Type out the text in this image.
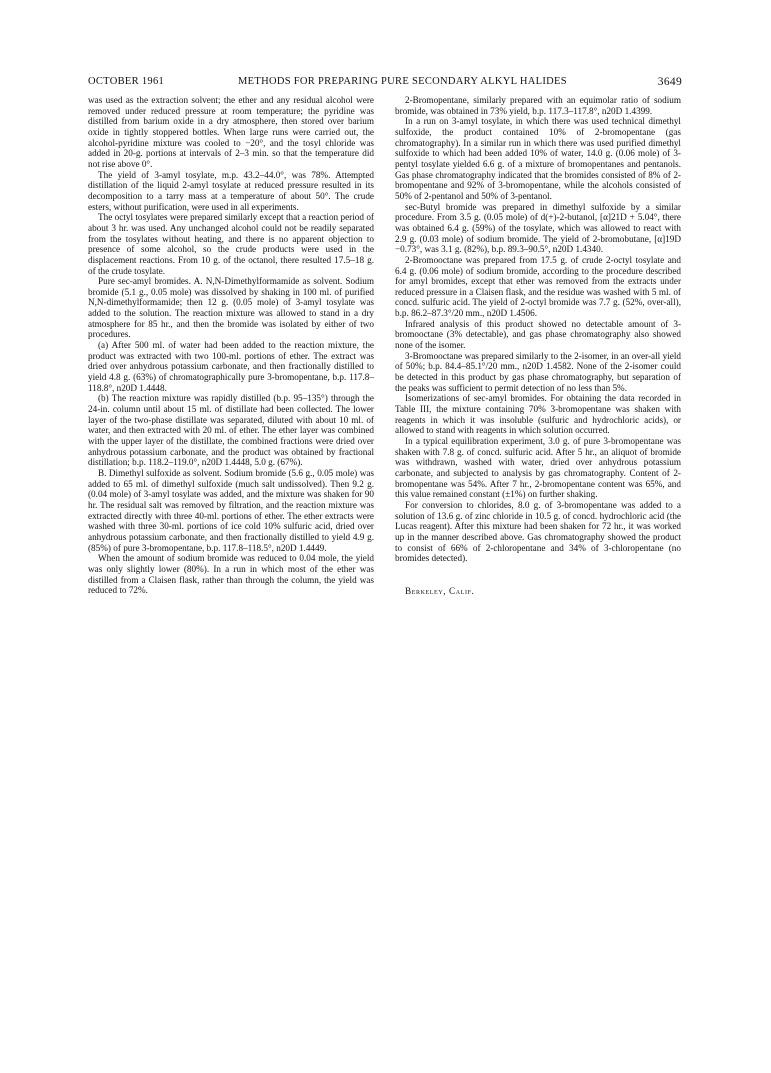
OCTOBER 1961	METHODS FOR PREPARING PURE SECONDARY ALKYL HALIDES	3649

was used as the extraction solvent; the ether and any residual alcohol were removed under reduced pressure at room temperature; the pyridine was distilled from barium oxide in a dry atmosphere, then stored over barium oxide in tightly stoppered bottles. When large runs were carried out, the alcohol-pyridine mixture was cooled to −20°, and the tosyl chloride was added in 20-g. portions at intervals of 2–3 min. so that the temperature did not rise above 0°.

The yield of 3-amyl tosylate, m.p. 43.2–44.0°, was 78%. Attempted distillation of the liquid 2-amyl tosylate at reduced pressure resulted in its decomposition to a tarry mass at a temperature of about 50°. The crude esters, without purification, were used in all experiments.

The octyl tosylates were prepared similarly except that a reaction period of about 3 hr. was used. Any unchanged alcohol could not be readily separated from the tosylates without heating, and there is no apparent objection to presence of some alcohol, so the crude products were used in the displacement reactions. From 10 g. of the octanol, there resulted 17.5–18 g. of the crude tosylate.

Pure sec-amyl bromides. A. N,N-Dimethylformamide as solvent. Sodium bromide (5.1 g., 0.05 mole) was dissolved by shaking in 100 ml. of purified N,N-dimethylformamide; then 12 g. (0.05 mole) of 3-amyl tosylate was added to the solution. The reaction mixture was allowed to stand in a dry atmosphere for 85 hr., and then the bromide was isolated by either of two procedures.

(a) After 500 ml. of water had been added to the reaction mixture, the product was extracted with two 100-ml. portions of ether. The extract was dried over anhydrous potassium carbonate, and then fractionally distilled to yield 4.8 g. (63%) of chromatographically pure 3-bromopentane, b.p. 117.8–118.8°, n20D 1.4448.

(b) The reaction mixture was rapidly distilled (b.p. 95–135°) through the 24-in. column until about 15 ml. of distillate had been collected. The lower layer of the two-phase distillate was separated, diluted with about 10 ml. of water, and then extracted with 20 ml. of ether. The ether layer was combined with the upper layer of the distillate, the combined fractions were dried over anhydrous potassium carbonate, and the product was obtained by fractional distillation; b.p. 118.2–119.0°, n20D 1.4448, 5.0 g. (67%).

B. Dimethyl sulfoxide as solvent. Sodium bromide (5.6 g., 0.05 mole) was added to 65 ml. of dimethyl sulfoxide (much salt undissolved). Then 9.2 g. (0.04 mole) of 3-amyl tosylate was added, and the mixture was shaken for 90 hr. The residual salt was removed by filtration, and the reaction mixture was extracted directly with three 40-ml. portions of ether. The ether extracts were washed with three 30-ml. portions of ice cold 10% sulfuric acid, dried over anhydrous potassium carbonate, and then fractionally distilled to yield 4.9 g. (85%) of pure 3-bromopentane, b.p. 117.8–118.5°, n20D 1.4449.

When the amount of sodium bromide was reduced to 0.04 mole, the yield was only slightly lower (80%). In a run in which most of the ether was distilled from a Claisen flask, rather than through the column, the yield was reduced to 72%.

2-Bromopentane, similarly prepared with an equimolar ratio of sodium bromide, was obtained in 73% yield, b.p. 117.3–117.8°, n20D 1.4399.

In a run on 3-amyl tosylate, in which there was used technical dimethyl sulfoxide, the product contained 10% of 2-bromopentane (gas chromatography). In a similar run in which there was used purified dimethyl sulfoxide to which had been added 10% of water, 14.0 g. (0.06 mole) of 3-pentyl tosylate yielded 6.6 g. of a mixture of bromopentanes and pentanols. Gas phase chromatography indicated that the bromides consisted of 8% of 2-bromopentane and 92% of 3-bromopentane, while the alcohols consisted of 50% of 2-pentanol and 50% of 3-pentanol.

sec-Butyl bromide was prepared in dimethyl sulfoxide by a similar procedure. From 3.5 g. (0.05 mole) of d(+)-2-butanol, [α]21D + 5.04°, there was obtained 6.4 g. (59%) of the tosylate, which was allowed to react with 2.9 g. (0.03 mole) of sodium bromide. The yield of 2-bromobutane, [α]19D −0.73°, was 3.1 g. (82%), b.p. 89.3–90.5°, n20D 1.4340.

2-Bromooctane was prepared from 17.5 g. of crude 2-octyl tosylate and 6.4 g. (0.06 mole) of sodium bromide, according to the procedure described for amyl bromides, except that ether was removed from the extracts under reduced pressure in a Claisen flask, and the residue was washed with 5 ml. of concd. sulfuric acid. The yield of 2-octyl bromide was 7.7 g. (52%, over-all), b.p. 86.2–87.3°/20 mm., n20D 1.4506.

Infrared analysis of this product showed no detectable amount of 3-bromooctane (3% detectable), and gas phase chromatography also showed none of the isomer.

3-Bromooctane was prepared similarly to the 2-isomer, in an over-all yield of 50%; b.p. 84.4–85.1°/20 mm., n20D 1.4582. None of the 2-isomer could be detected in this product by gas phase chromatography, but separation of the peaks was sufficient to permit detection of no less than 5%.

Isomerizations of sec-amyl bromides. For obtaining the data recorded in Table III, the mixture containing 70% 3-bromopentane was shaken with reagents in which it was insoluble (sulfuric and hydrochloric acids), or allowed to stand with reagents in which solution occurred.

In a typical equilibration experiment, 3.0 g. of pure 3-bromopentane was shaken with 7.8 g. of concd. sulfuric acid. After 5 hr., an aliquot of bromide was withdrawn, washed with water, dried over anhydrous potassium carbonate, and subjected to analysis by gas chromatography. Content of 2-bromopentane was 54%. After 7 hr., 2-bromopentane content was 65%, and this value remained constant (±1%) on further shaking.

For conversion to chlorides, 8.0 g. of 3-bromopentane was added to a solution of 13.6 g. of zinc chloride in 10.5 g. of concd. hydrochloric acid (the Lucas reagent). After this mixture had been shaken for 72 hr., it was worked up in the manner described above. Gas chromatography showed the product to consist of 66% of 2-chloropentane and 34% of 3-chloropentane (no bromides detected).

Berkeley, Calif.
